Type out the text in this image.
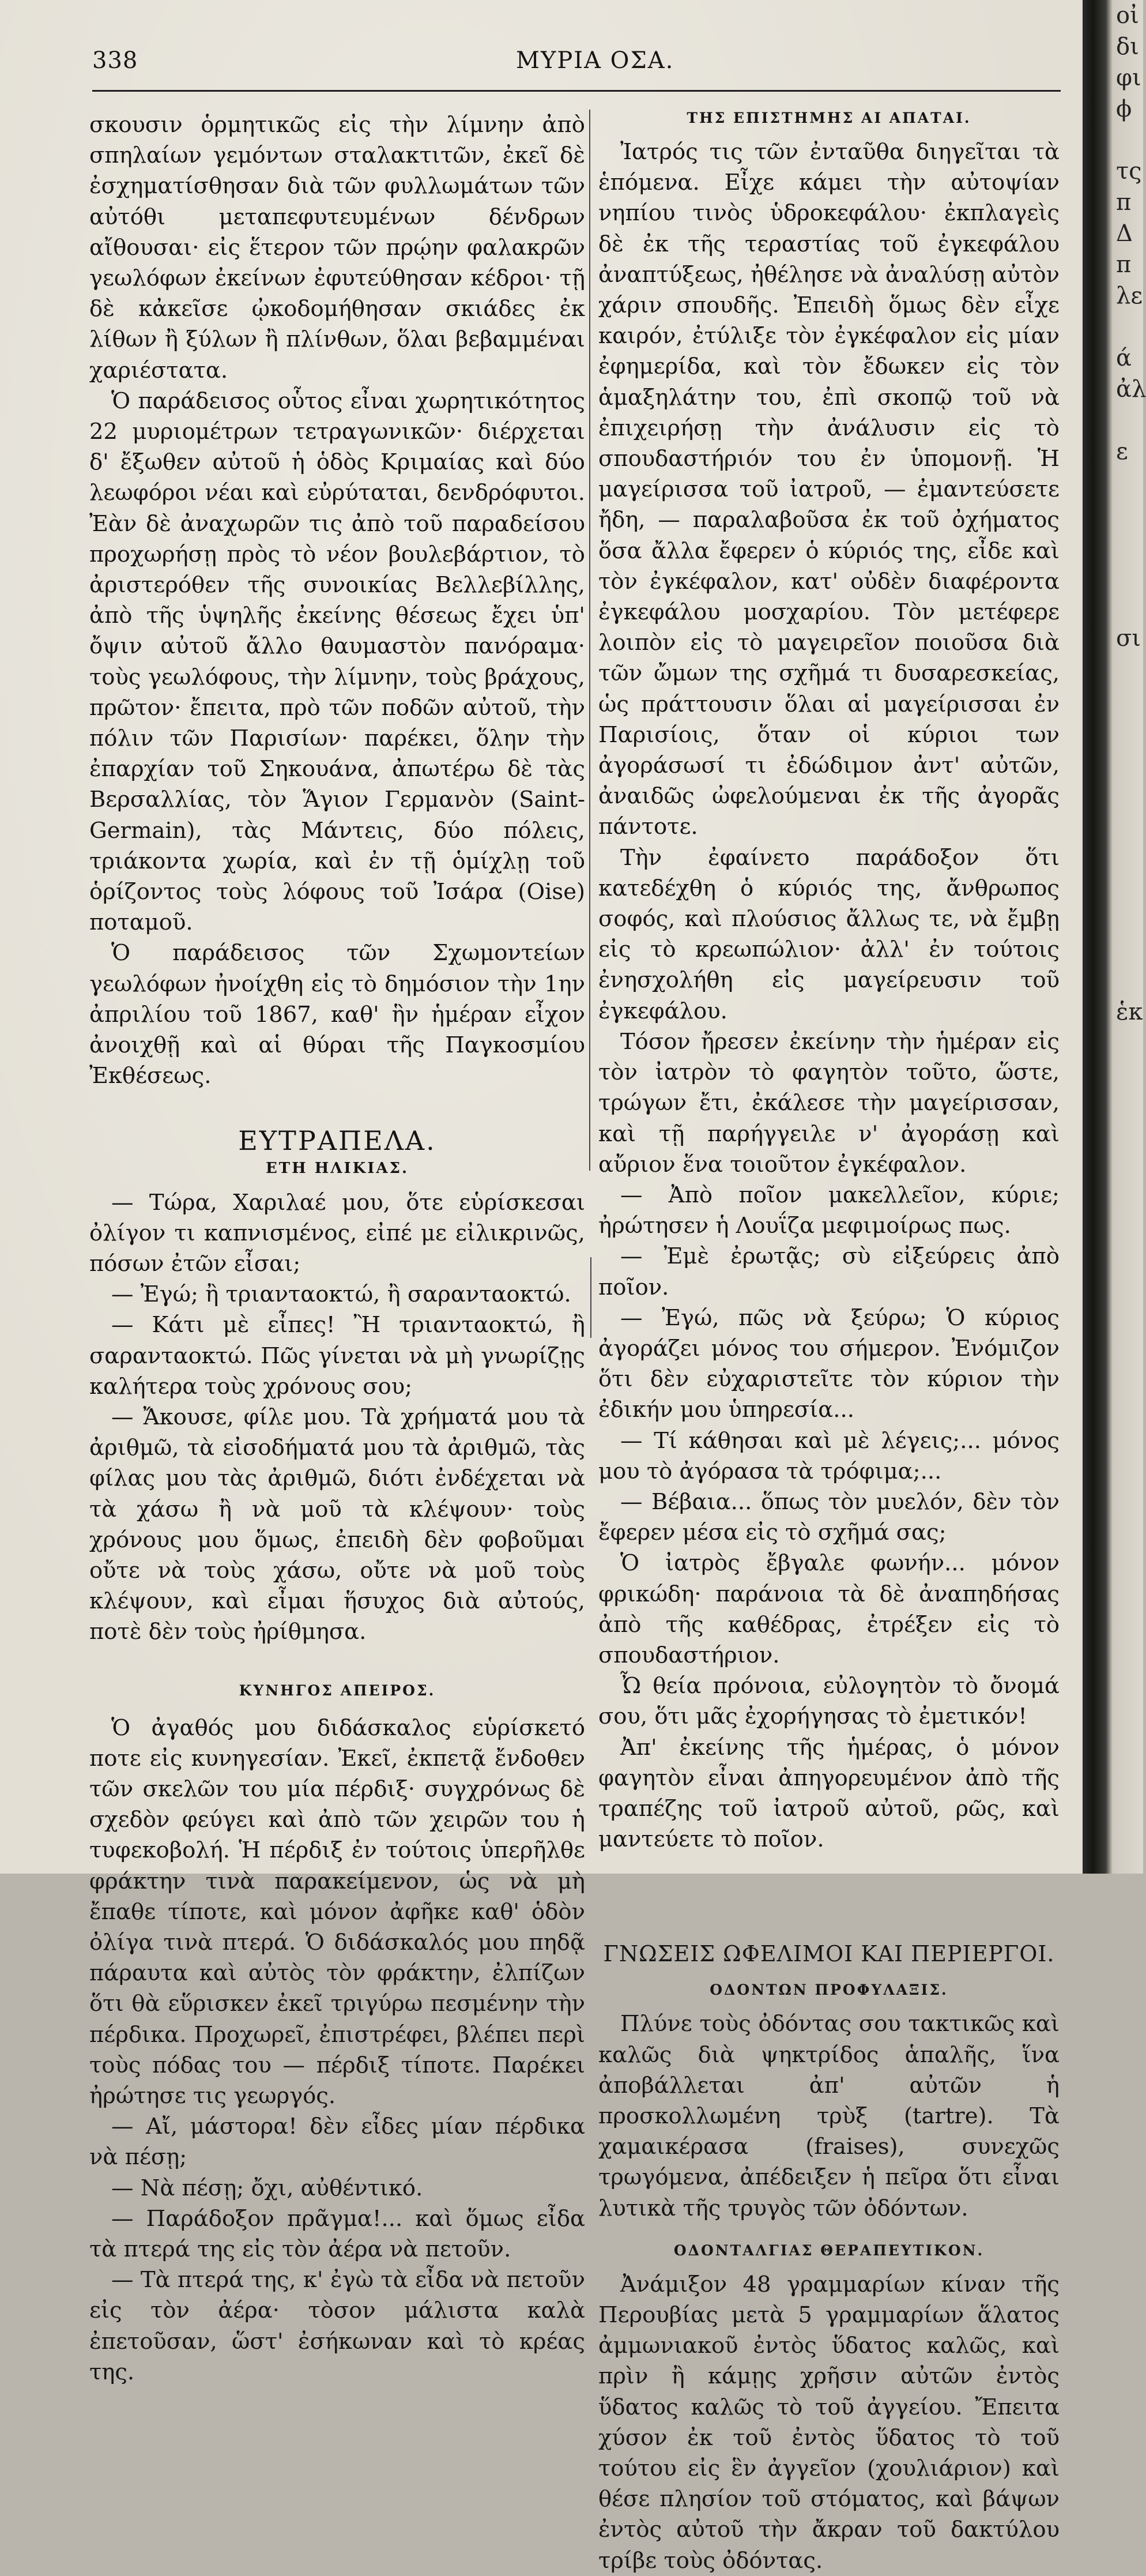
338	ΜΥΡΙΑ ΟΣΑ.

σκουσιν ὁρμητικῶς εἰς τὴν λίμνην ἀπὸ σπηλαίων γεμόντων σταλακτιτῶν, ἐκεῖ δὲ ἐσχηματίσθησαν διὰ τῶν φυλλωμάτων τῶν αὐτόθι μεταπεφυτευμένων δένδρων αἴθουσαι· εἰς ἕτερον τῶν πρῴην φαλακρῶν γεωλόφων ἐκείνων ἐφυτεύθησαν κέδροι· τῇ δὲ κἀκεῖσε ᾠκοδομήθησαν σκιάδες ἐκ λίθων ἢ ξύλων ἢ πλίνθων, ὅλαι βεβαμμέναι χαριέστατα.

Ὁ παράδεισος οὗτος εἶναι χωρητικότητος 22 μυριομέτρων τετραγωνικῶν· διέρχεται δ' ἔξωθεν αὐτοῦ ἡ ὁδὸς Κριμαίας καὶ δύο λεωφόροι νέαι καὶ εὐρύταται, δενδρόφυτοι. Ἐὰν δὲ ἀναχωρῶν τις ἀπὸ τοῦ παραδείσου προχωρήσῃ πρὸς τὸ νέον βουλεβάρτιον, τὸ ἀριστερόθεν τῆς συνοικίας Βελλεβίλλης, ἀπὸ τῆς ὑψηλῆς ἐκείνης θέσεως ἔχει ὑπ' ὄψιν αὐτοῦ ἄλλο θαυμαστὸν πανόραμα· τοὺς γεωλόφους, τὴν λίμνην, τοὺς βράχους, πρῶτον· ἔπειτα, πρὸ τῶν ποδῶν αὐτοῦ, τὴν πόλιν τῶν Παρισίων· παρέκει, ὅλην τὴν ἐπαρχίαν τοῦ Σηκουάνα, ἀπωτέρω δὲ τὰς Βερσαλλίας, τὸν Ἅγιον Γερμανὸν (Saint-Germain), τὰς Μάντεις, δύο πόλεις, τριάκοντα χωρία, καὶ ἐν τῇ ὁμίχλῃ τοῦ ὁρίζοντος τοὺς λόφους τοῦ Ἰσάρα (Oise) ποταμοῦ.

Ὁ παράδεισος τῶν Σχωμοντείων γεωλόφων ἠνοίχθη εἰς τὸ δημόσιον τὴν 1ην ἀπριλίου τοῦ 1867, καθ' ἣν ἡμέραν εἶχον ἀνοιχθῇ καὶ αἱ θύραι τῆς Παγκοσμίου Ἐκθέσεως.

ΕΥΤΡΑΠΕΛΑ.
ΕΤΗ ΗΛΙΚΙΑΣ.

— Τώρα, Χαριλαέ μου, ὅτε εὑρίσκεσαι ὀλίγον τι καπνισμένος, εἰπέ με εἰλικρινῶς, πόσων ἐτῶν εἶσαι;

— Ἐγώ; ἢ τριανταοκτώ, ἢ σαρανταοκτώ.

— Κάτι μὲ εἶπες! Ἢ τριανταοκτώ, ἢ σαρανταοκτώ. Πῶς γίνεται νὰ μὴ γνωρίζῃς καλήτερα τοὺς χρόνους σου;

— Ἄκουσε, φίλε μου. Τὰ χρήματά μου τὰ ἀριθμῶ, τὰ εἰσοδήματά μου τὰ ἀριθμῶ, τὰς φίλας μου τὰς ἀριθμῶ, διότι ἐνδέχεται νὰ τὰ χάσω ἢ νὰ μοῦ τὰ κλέψουν· τοὺς χρόνους μου ὅμως, ἐπειδὴ δὲν φοβοῦμαι οὔτε νὰ τοὺς χάσω, οὔτε νὰ μοῦ τοὺς κλέψουν, καὶ εἶμαι ἥσυχος διὰ αὐτούς, ποτὲ δὲν τοὺς ἠρίθμησα.

ΚΥΝΗΓΟΣ ΑΠΕΙΡΟΣ.

Ὁ ἀγαθός μου διδάσκαλος εὑρίσκετό ποτε εἰς κυνηγεσίαν. Ἐκεῖ, ἐκπετᾷ ἔνδοθεν τῶν σκελῶν του μία πέρδιξ· συγχρόνως δὲ σχεδὸν φεύγει καὶ ἀπὸ τῶν χειρῶν του ἡ τυφεκοβολή. Ἡ πέρδιξ ἐν τούτοις ὑπερῆλθε φράκτην τινὰ παρακείμενον, ὡς νὰ μὴ ἔπαθε τίποτε, καὶ μόνον ἀφῆκε καθ' ὁδὸν ὀλίγα τινὰ πτερά. Ὁ διδάσκαλός μου πηδᾷ πάραυτα καὶ αὐτὸς τὸν φράκτην, ἐλπίζων ὅτι θὰ εὕρισκεν ἐκεῖ τριγύρω πεσμένην τὴν πέρδικα. Προχωρεῖ, ἐπιστρέφει, βλέπει περὶ τοὺς πόδας του — πέρδιξ τίποτε. Παρέκει ἠρώτησε τις γεωργός.

— Αἴ, μάστορα! δὲν εἶδες μίαν πέρδικα νὰ πέσῃ;

— Νὰ πέσῃ; ὄχι, αὐθέντικό.

— Παράδοξον πρᾶγμα!... καὶ ὅμως εἶδα τὰ πτερά της εἰς τὸν ἀέρα νὰ πετοῦν.

— Τὰ πτερά της, κ' ἐγὼ τὰ εἶδα νὰ πετοῦν εἰς τὸν ἀέρα· τὸσον μάλιστα καλὰ ἐπετοῦσαν, ὥστ' ἐσήκωναν καὶ τὸ κρέας της.

ΤΗΣ ΕΠΙΣΤΗΜΗΣ ΑΙ ΑΠΑΤΑΙ.

Ἰατρός τις τῶν ἐνταῦθα διηγεῖται τὰ ἑπόμενα. Εἶχε κάμει τὴν αὐτοψίαν νηπίου τινὸς ὑδροκεφάλου· ἐκπλαγεὶς δὲ ἐκ τῆς τεραστίας τοῦ ἐγκεφάλου ἀναπτύξεως, ἠθέλησε νὰ ἀναλύσῃ αὐτὸν χάριν σπουδῆς. Ἐπειδὴ ὅμως δὲν εἶχε καιρόν, ἐτύλιξε τὸν ἐγκέφαλον εἰς μίαν ἐφημερίδα, καὶ τὸν ἔδωκεν εἰς τὸν ἁμαξηλάτην του, ἐπὶ σκοπῷ τοῦ νὰ ἐπιχειρήσῃ τὴν ἀνάλυσιν εἰς τὸ σπουδαστήριόν του ἐν ὑπομονῇ. Ἡ μαγείρισσα τοῦ ἰατροῦ, — ἐμαντεύσετε ἤδη, — παραλαβοῦσα ἐκ τοῦ ὀχήματος ὅσα ἄλλα ἔφερεν ὁ κύριός της, εἶδε καὶ τὸν ἐγκέφαλον, κατ' οὐδὲν διαφέροντα ἐγκεφάλου μοσχαρίου. Τὸν μετέφερε λοιπὸν εἰς τὸ μαγειρεῖον ποιοῦσα διὰ τῶν ὤμων της σχῆμά τι δυσαρεσκείας, ὡς πράττουσιν ὅλαι αἱ μαγείρισσαι ἐν Παρισίοις, ὅταν οἱ κύριοι των ἀγοράσωσί τι ἐδώδιμον ἀντ' αὐτῶν, ἀναιδῶς ὠφελούμεναι ἐκ τῆς ἀγορᾶς πάντοτε.

Τὴν ἐφαίνετο παράδοξον ὅτι κατεδέχθη ὁ κύριός της, ἄνθρωπος σοφός, καὶ πλούσιος ἄλλως τε, νὰ ἔμβῃ εἰς τὸ κρεωπώλιον· ἀλλ' ἐν τούτοις ἐνησχολήθη εἰς μαγείρευσιν τοῦ ἐγκεφάλου.

Τόσον ἤρεσεν ἐκείνην τὴν ἡμέραν εἰς τὸν ἰατρὸν τὸ φαγητὸν τοῦτο, ὥστε, τρώγων ἔτι, ἐκάλεσε τὴν μαγείρισσαν, καὶ τῇ παρήγγειλε ν' ἀγοράσῃ καὶ αὔριον ἕνα τοιοῦτον ἐγκέφαλον.

— Ἀπὸ ποῖον μακελλεῖον, κύριε; ἠρώτησεν ἡ Λουΐζα μεφιμοίρως πως.

— Ἐμὲ ἐρωτᾷς; σὺ εἰξεύρεις ἀπὸ ποῖον.

— Ἐγώ, πῶς νὰ ξεύρω; Ὁ κύριος ἀγοράζει μόνος του σήμερον. Ἐνόμιζον ὅτι δὲν εὐχαριστεῖτε τὸν κύριον τὴν ἐδικήν μου ὑπηρεσία...

— Τί κάθησαι καὶ μὲ λέγεις;... μόνος μου τὸ ἀγόρασα τὰ τρόφιμα;...

— Βέβαια... ὅπως τὸν μυελόν, δὲν τὸν ἔφερεν μέσα εἰς τὸ σχῆμά σας;

Ὁ ἰατρὸς ἔβγαλε φωνήν... μόνον φρικώδη· παράνοια τὰ δὲ ἀναπηδήσας ἀπὸ τῆς καθέδρας, ἐτρέξεν εἰς τὸ σπουδαστήριον.

Ὦ θεία πρόνοια, εὐλογητὸν τὸ ὄνομά σου, ὅτι μᾶς ἐχορήγησας τὸ ἐμετικόν!

Ἀπ' ἐκείνης τῆς ἡμέρας, ὁ μόνον φαγητὸν εἶναι ἀπηγορευμένον ἀπὸ τῆς τραπέζης τοῦ ἰατροῦ αὐτοῦ, ρῶς, καὶ μαντεύετε τὸ ποῖον.

ΓΝΩΣΕΙΣ ΩΦΕΛΙΜΟΙ ΚΑΙ ΠΕΡΙΕΡΓΟΙ.
ΟΔΟΝΤΩΝ ΠΡΟΦΥΛΑΞΙΣ.

Πλύνε τοὺς ὀδόντας σου τακτικῶς καὶ καλῶς διὰ ψηκτρίδος ἁπαλῆς, ἵνα ἀποβάλλεται ἀπ' αὐτῶν ἡ προσκολλωμένη τρὺξ (tartre). Τὰ χαμαικέρασα (fraises), συνεχῶς τρωγόμενα, ἀπέδειξεν ἡ πεῖρα ὅτι εἶναι λυτικὰ τῆς τρυγὸς τῶν ὀδόντων.

ΟΔΟΝΤΑΛΓΙΑΣ ΘΕΡΑΠΕΥΤΙΚΟΝ.

Ἀνάμιξον 48 γραμμαρίων κίναν τῆς Περουβίας μετὰ 5 γραμμαρίων ἅλατος ἀμμωνιακοῦ ἐντὸς ὕδατος καλῶς, καὶ πρὶν ἢ κάμῃς χρῆσιν αὐτῶν ἐντὸς ὕδατος καλῶς τὸ τοῦ ἀγγείου. Ἔπειτα χύσον ἐκ τοῦ ἐντὸς ὕδατος τὸ τοῦ τούτου εἰς ἓν ἀγγεῖον (χουλιάριον) καὶ θέσε πλησίον τοῦ στόματος, καὶ βάψων ἐντὸς αὐτοῦ τὴν ἄκραν τοῦ δακτύλου τρίβε τοὺς ὀδόντας.

οἰ
δι
φι
ϕ
τς
π
Δ
π
λε
ά
ἀλ
ε
σι
ἑκ
